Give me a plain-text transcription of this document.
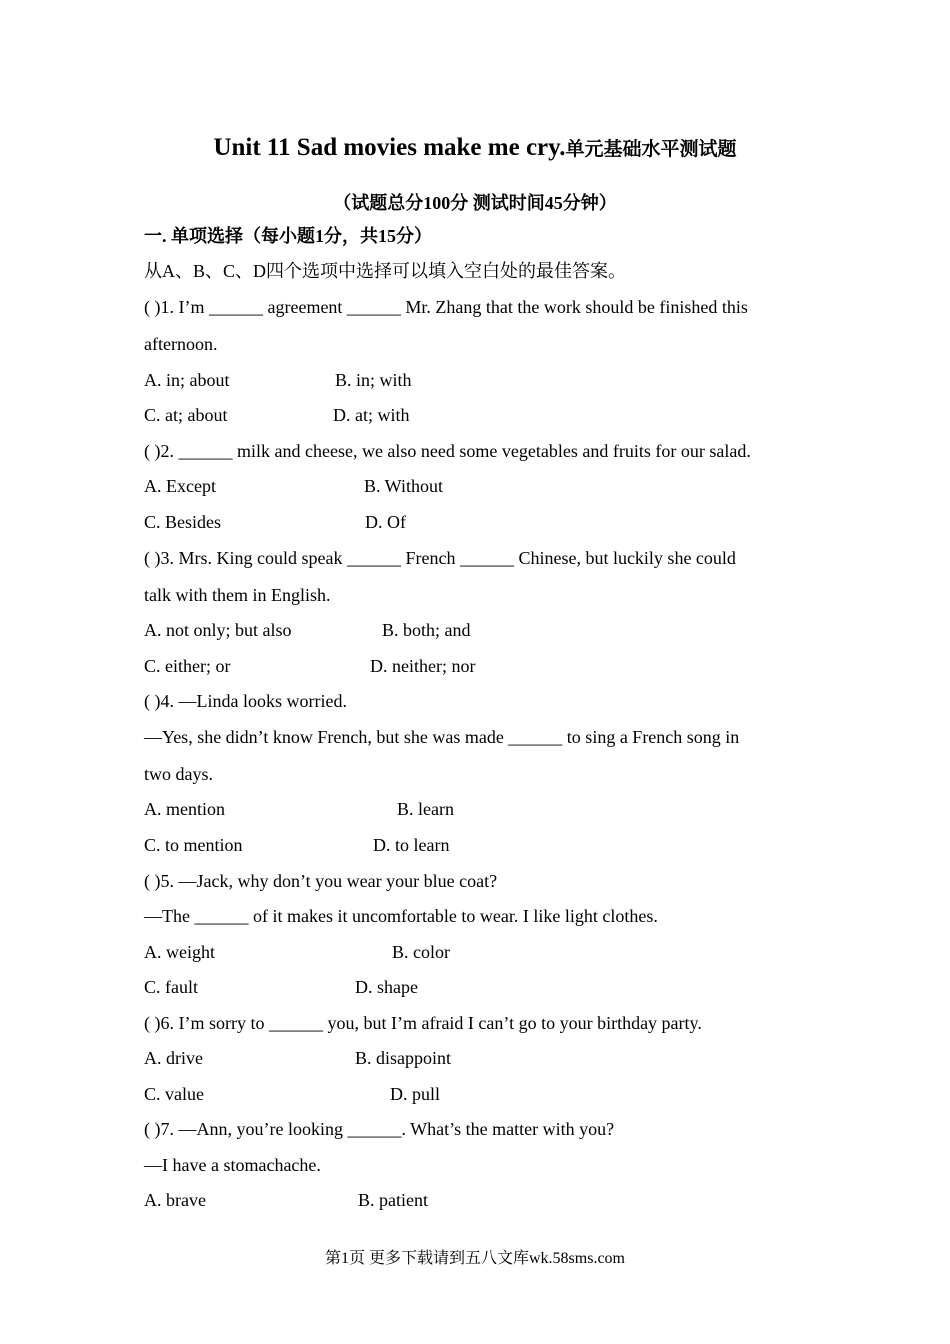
Unit 11 Sad movies make me cry.单元基础水平测试题
（试题总分100分 测试时间45分钟）
一. 单项选择（每小题1分，共15分）
从A、B、C、D四个选项中选择可以填入空白处的最佳答案。
( )1. I’m ______ agreement ______ Mr. Zhang that the work should be finished this
afternoon.
A. in; about	B. in; with
C. at; about	D. at; with
( )2. ______ milk and cheese, we also need some vegetables and fruits for our salad.
A. Except	B. Without
C. Besides	D. Of
( )3. Mrs. King could speak ______ French ______ Chinese, but luckily she could
talk with them in English.
A. not only; but also	B. both; and
C. either; or	D. neither; nor
( )4. —Linda looks worried.
—Yes, she didn’t know French, but she was made ______ to sing a French song in
two days.
A. mention	B. learn
C. to mention	D. to learn
( )5. —Jack, why don’t you wear your blue coat?
—The ______ of it makes it uncomfortable to wear. I like light clothes.
A. weight	B. color
C. fault	D. shape
( )6. I’m sorry to ______ you, but I’m afraid I can’t go to your birthday party.
A. drive	B. disappoint
C. value	D. pull
( )7. —Ann, you’re looking ______. What’s the matter with you?
—I have a stomachache.
A. brave	B. patient
第1页 更多下载请到五八文库wk.58sms.com
